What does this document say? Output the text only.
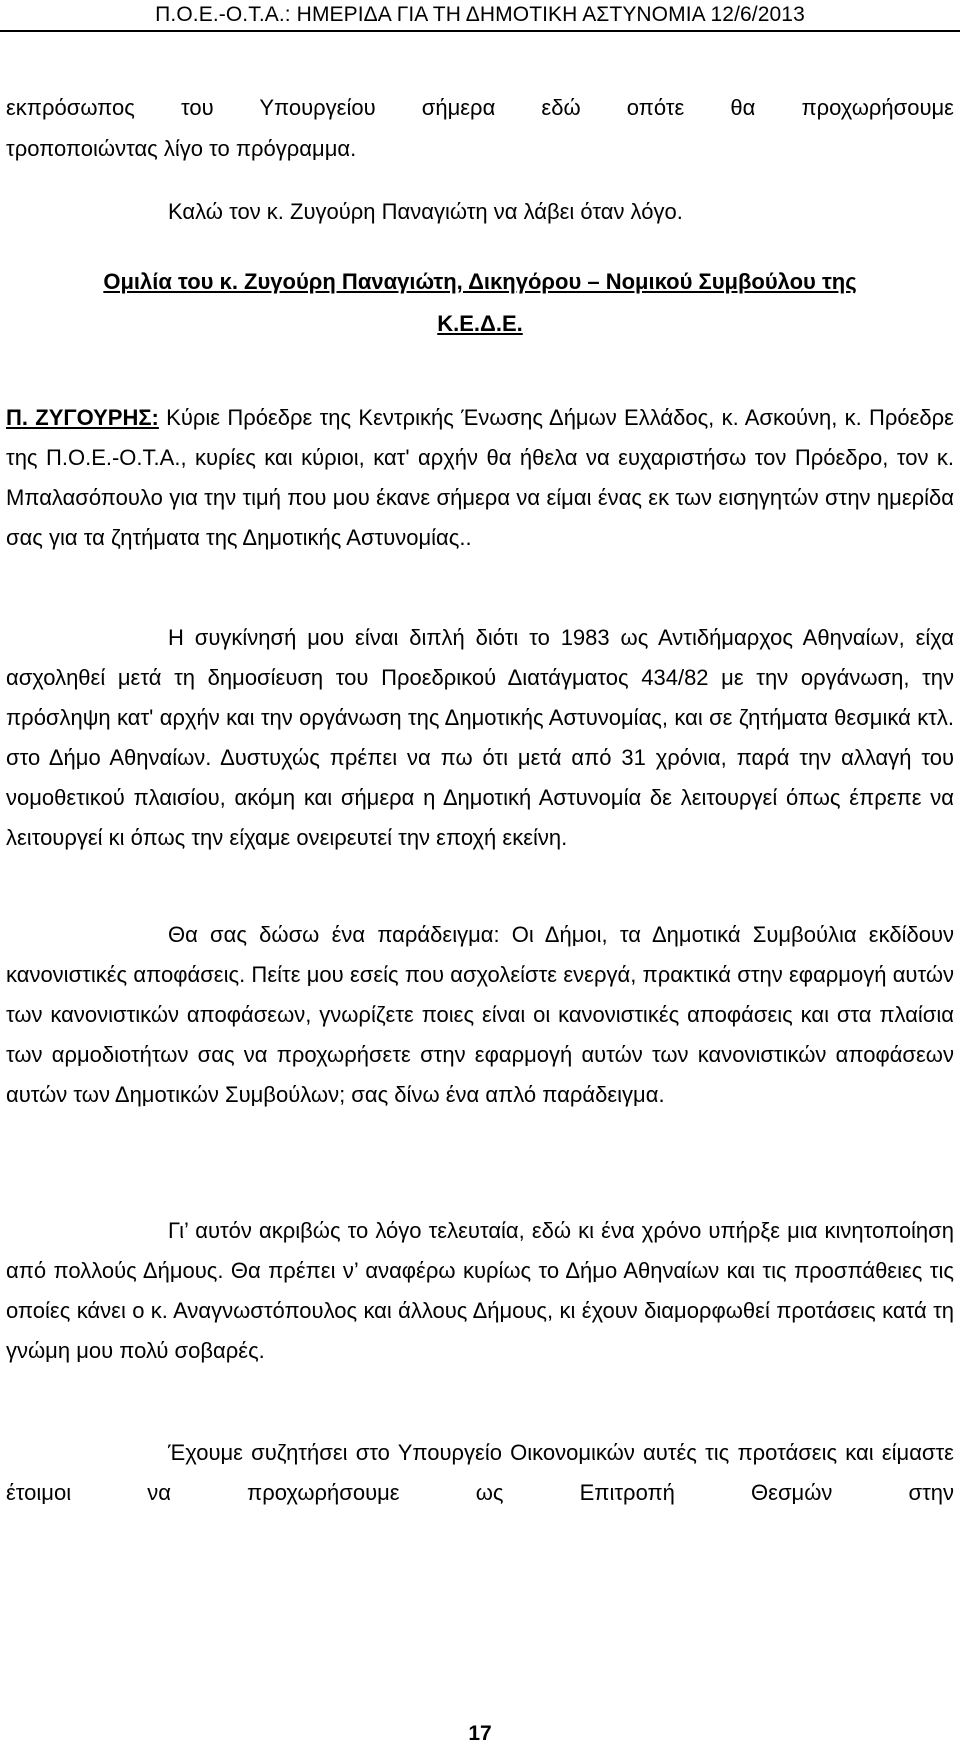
Π.Ο.Ε.-Ο.Τ.Α.: ΗΜΕΡΙΔΑ ΓΙΑ ΤΗ ΔΗΜΟΤΙΚΗ ΑΣΤΥΝΟΜΙΑ 12/6/2013

εκπρόσωπος του Υπουργείου σήμερα εδώ οπότε θα προχωρήσουμε

τροποποιώντας λίγο το πρόγραμμα.

Καλώ τον κ. Ζυγούρη Παναγιώτη να λάβει όταν λόγο.

Ομιλία του κ. Ζυγούρη Παναγιώτη, Δικηγόρου – Νομικού Συμβούλου της

Κ.Ε.Δ.Ε.

Π. ΖΥΓΟΥΡΗΣ: Κύριε Πρόεδρε της Κεντρικής Ένωσης Δήμων Ελλάδος, κ. Ασκούνη, κ. Πρόεδρε της Π.Ο.Ε.-Ο.Τ.Α., κυρίες και κύριοι, κατ' αρχήν θα ήθελα να ευχαριστήσω τον Πρόεδρο, τον κ. Μπαλασόπουλο για την τιμή που μου έκανε σήμερα να είμαι ένας εκ των εισηγητών στην ημερίδα σας για τα ζητήματα της Δημοτικής Αστυνομίας..

Η συγκίνησή μου είναι διπλή διότι το 1983 ως Αντιδήμαρχος Αθηναίων, είχα ασχοληθεί μετά τη δημοσίευση του Προεδρικού Διατάγματος 434/82 με την οργάνωση, την πρόσληψη κατ' αρχήν και την οργάνωση της Δημοτικής Αστυνομίας, και σε ζητήματα θεσμικά κτλ. στο Δήμο Αθηναίων. Δυστυχώς πρέπει να πω ότι μετά από 31 χρόνια, παρά την αλλαγή του νομοθετικού πλαισίου, ακόμη και σήμερα η Δημοτική Αστυνομία δε λειτουργεί όπως έπρεπε να λειτουργεί κι όπως την είχαμε ονειρευτεί την εποχή εκείνη.

Θα σας δώσω ένα παράδειγμα: Οι Δήμοι, τα Δημοτικά Συμβούλια εκδίδουν κανονιστικές αποφάσεις. Πείτε μου εσείς που ασχολείστε ενεργά, πρακτικά στην εφαρμογή αυτών των κανονιστικών αποφάσεων, γνωρίζετε ποιες είναι οι κανονιστικές αποφάσεις και στα πλαίσια των αρμοδιοτήτων σας να προχωρήσετε στην εφαρμογή αυτών των κανονιστικών αποφάσεων αυτών των Δημοτικών Συμβούλων; σας δίνω ένα απλό παράδειγμα.

Γι’ αυτόν ακριβώς το λόγο τελευταία, εδώ κι ένα χρόνο υπήρξε μια κινητοποίηση από πολλούς Δήμους. Θα πρέπει ν’ αναφέρω κυρίως το Δήμο Αθηναίων και τις προσπάθειες τις οποίες κάνει ο κ. Αναγνωστόπουλος και άλλους Δήμους, κι έχουν διαμορφωθεί προτάσεις κατά τη γνώμη μου πολύ σοβαρές.

Έχουμε συζητήσει στο Υπουργείο Οικονομικών αυτές τις προτάσεις και είμαστε έτοιμοι να προχωρήσουμε ως Επιτροπή Θεσμών στην

17
